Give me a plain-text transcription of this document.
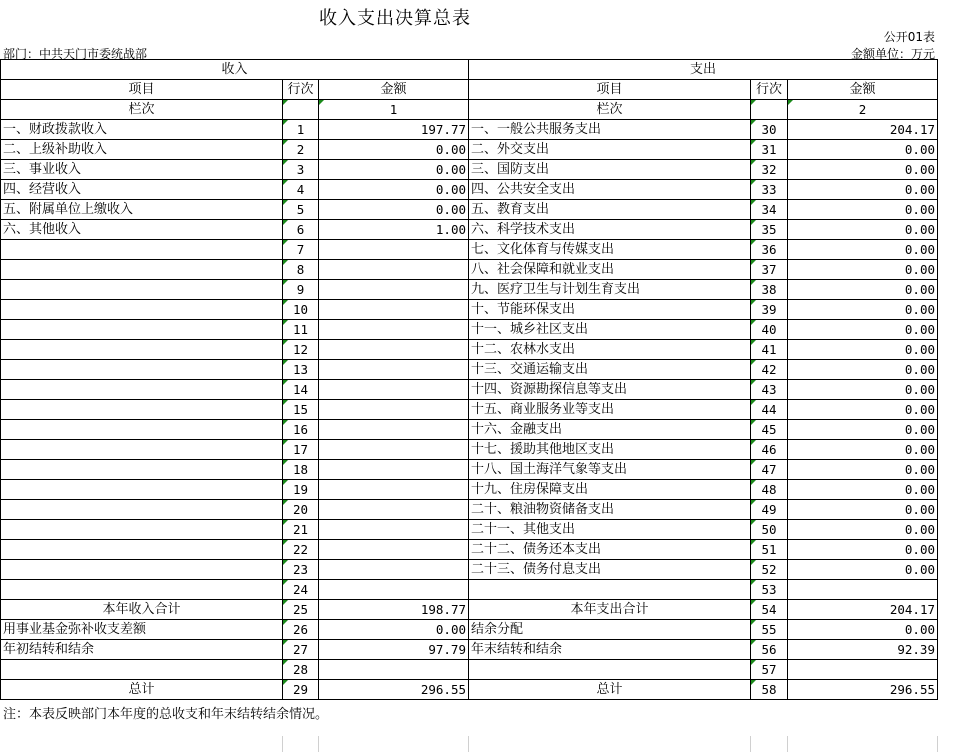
收入支出决算总表
公开01表
部门：中共天门市委统战部	金额单位：万元
收入			支出		
项目	行次	金额	项目	行次	金额
栏次		1	栏次		2
一、财政拨款收入	1	197.77	一、一般公共服务支出	30	204.17
二、上级补助收入	2	0.00	二、外交支出	31	0.00
三、事业收入	3	0.00	三、国防支出	32	0.00
四、经营收入	4	0.00	四、公共安全支出	33	0.00
五、附属单位上缴收入	5	0.00	五、教育支出	34	0.00
六、其他收入	6	1.00	六、科学技术支出	35	0.00
	7		七、文化体育与传媒支出	36	0.00
	8		八、社会保障和就业支出	37	0.00
	9		九、医疗卫生与计划生育支出	38	0.00
	10		十、节能环保支出	39	0.00
	11		十一、城乡社区支出	40	0.00
	12		十二、农林水支出	41	0.00
	13		十三、交通运输支出	42	0.00
	14		十四、资源勘探信息等支出	43	0.00
	15		十五、商业服务业等支出	44	0.00
	16		十六、金融支出	45	0.00
	17		十七、援助其他地区支出	46	0.00
	18		十八、国土海洋气象等支出	47	0.00
	19		十九、住房保障支出	48	0.00
	20		二十、粮油物资储备支出	49	0.00
	21		二十一、其他支出	50	0.00
	22		二十二、债务还本支出	51	0.00
	23		二十三、债务付息支出	52	0.00
	24			53	
本年收入合计	25	198.77	本年支出合计	54	204.17
用事业基金弥补收支差额	26	0.00	结余分配	55	0.00
年初结转和结余	27	97.79	年末结转和结余	56	92.39
	28			57	
总计	29	296.55	总计	58	296.55
注：本表反映部门本年度的总收支和年末结转结余情况。
